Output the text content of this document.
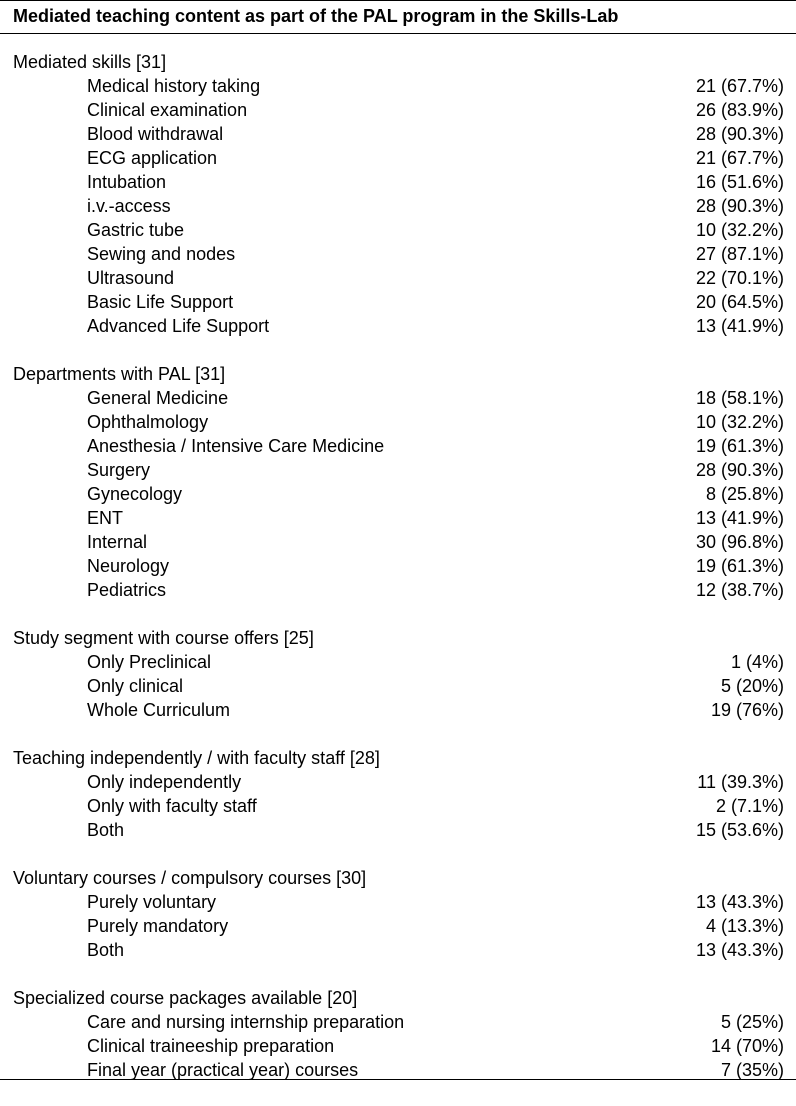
Mediated teaching content as part of the PAL program in the Skills-Lab
Mediated skills [31]
Medical history taking	21 (67.7%)
Clinical examination	26 (83.9%)
Blood withdrawal	28 (90.3%)
ECG application	21 (67.7%)
Intubation	16 (51.6%)
i.v.-access	28 (90.3%)
Gastric tube	10 (32.2%)
Sewing and nodes	27 (87.1%)
Ultrasound	22 (70.1%)
Basic Life Support	20 (64.5%)
Advanced Life Support	13 (41.9%)
Departments with PAL [31]
General Medicine	18 (58.1%)
Ophthalmology	10 (32.2%)
Anesthesia / Intensive Care Medicine	19 (61.3%)
Surgery	28 (90.3%)
Gynecology	8 (25.8%)
ENT	13 (41.9%)
Internal	30 (96.8%)
Neurology	19 (61.3%)
Pediatrics	12 (38.7%)
Study segment with course offers [25]
Only Preclinical	1 (4%)
Only clinical	5 (20%)
Whole Curriculum	19 (76%)
Teaching independently / with faculty staff [28]
Only independently	11 (39.3%)
Only with faculty staff	2 (7.1%)
Both	15 (53.6%)
Voluntary courses / compulsory courses [30]
Purely voluntary	13 (43.3%)
Purely mandatory	4 (13.3%)
Both	13 (43.3%)
Specialized course packages available [20]
Care and nursing internship preparation	5 (25%)
Clinical traineeship preparation	14 (70%)
Final year (practical year) courses	7 (35%)
